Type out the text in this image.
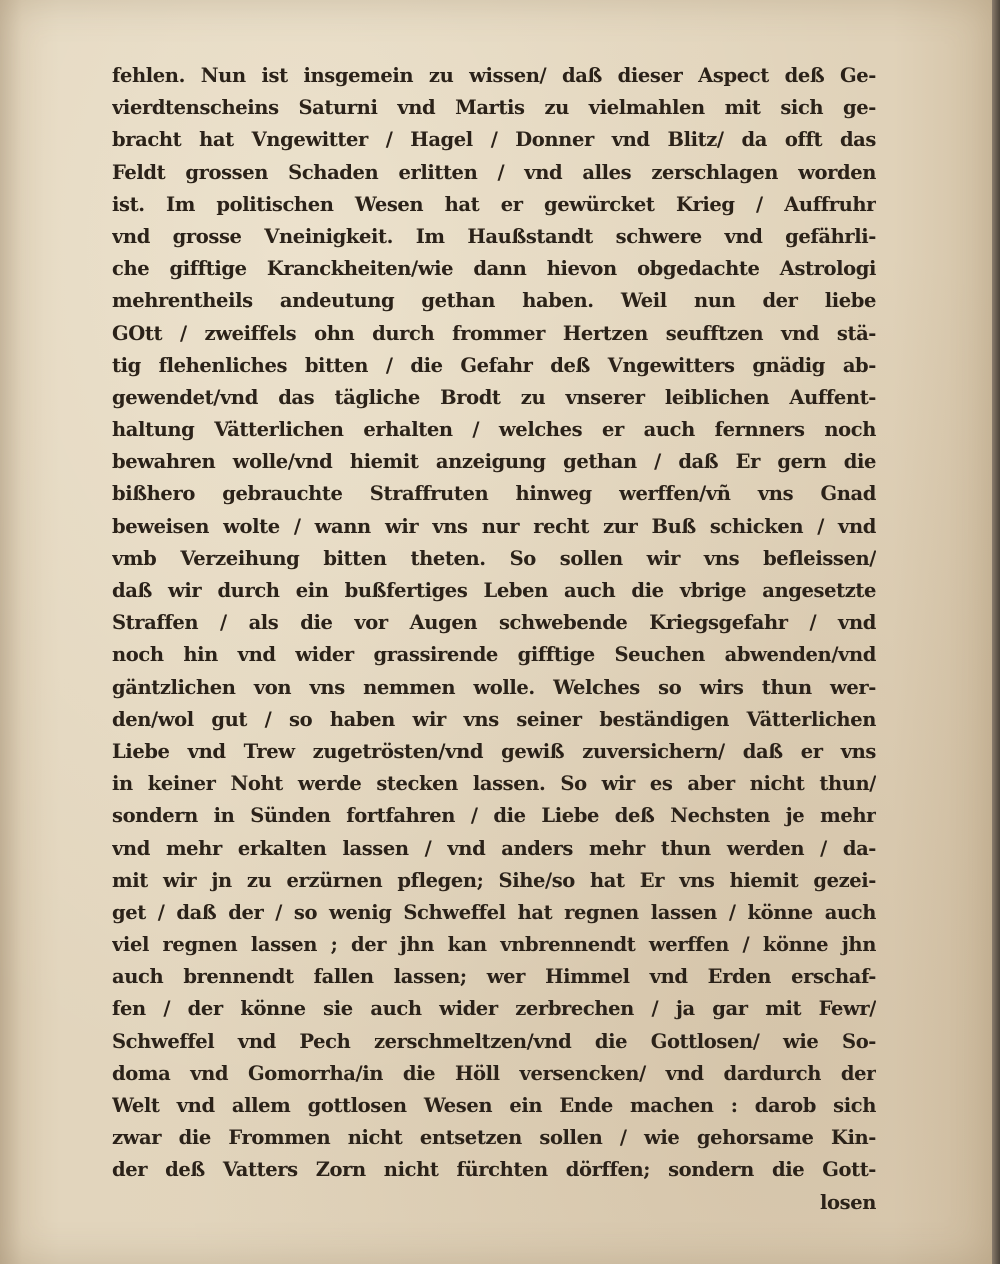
fehlen. Nun ist insgemein zu wissen/ daß dieser Aspect deß Ge-
vierdtenscheins Saturni vnd Martis zu vielmahlen mit sich ge-
bracht hat Vngewitter / Hagel / Donner vnd Blitz/ da offt das
Feldt grossen Schaden erlitten / vnd alles zerschlagen worden
ist. Im politischen Wesen hat er gewürcket Krieg / Auffruhr
vnd grosse Vneinigkeit. Im Haußstandt schwere vnd gefährli-
che gifftige Kranckheiten/wie dann hievon obgedachte Astrologi
mehrentheils andeutung gethan haben. Weil nun der liebe
GOtt / zweiffels ohn durch frommer Hertzen seufftzen vnd stä-
tig flehenliches bitten / die Gefahr deß Vngewitters gnädig ab-
gewendet/vnd das tägliche Brodt zu vnserer leiblichen Auffent-
haltung Vätterlichen erhalten / welches er auch fernners noch
bewahren wolle/vnd hiemit anzeigung gethan / daß Er gern die
bißhero gebrauchte Straffruten hinweg werffen/vñ vns Gnad
beweisen wolte / wann wir vns nur recht zur Buß schicken / vnd
vmb Verzeihung bitten theten. So sollen wir vns befleissen/
daß wir durch ein bußfertiges Leben auch die vbrige angesetzte
Straffen / als die vor Augen schwebende Kriegsgefahr / vnd
noch hin vnd wider grassirende gifftige Seuchen abwenden/vnd
gäntzlichen von vns nemmen wolle. Welches so wirs thun wer-
den/wol gut / so haben wir vns seiner beständigen Vätterlichen
Liebe vnd Trew zugetrösten/vnd gewiß zuversichern/ daß er vns
in keiner Noht werde stecken lassen. So wir es aber nicht thun/
sondern in Sünden fortfahren / die Liebe deß Nechsten je mehr
vnd mehr erkalten lassen / vnd anders mehr thun werden / da-
mit wir jn zu erzürnen pflegen; Sihe/so hat Er vns hiemit gezei-
get / daß der / so wenig Schweffel hat regnen lassen / könne auch
viel regnen lassen ; der jhn kan vnbrennendt werffen / könne jhn
auch brennendt fallen lassen; wer Himmel vnd Erden erschaf-
fen / der könne sie auch wider zerbrechen / ja gar mit Fewr/
Schweffel vnd Pech zerschmeltzen/vnd die Gottlosen/ wie So-
doma vnd Gomorrha/in die Höll versencken/ vnd dardurch der
Welt vnd allem gottlosen Wesen ein Ende machen : darob sich
zwar die Frommen nicht entsetzen sollen / wie gehorsame Kin-
der deß Vatters Zorn nicht fürchten dörffen; sondern die Gott-
losen
